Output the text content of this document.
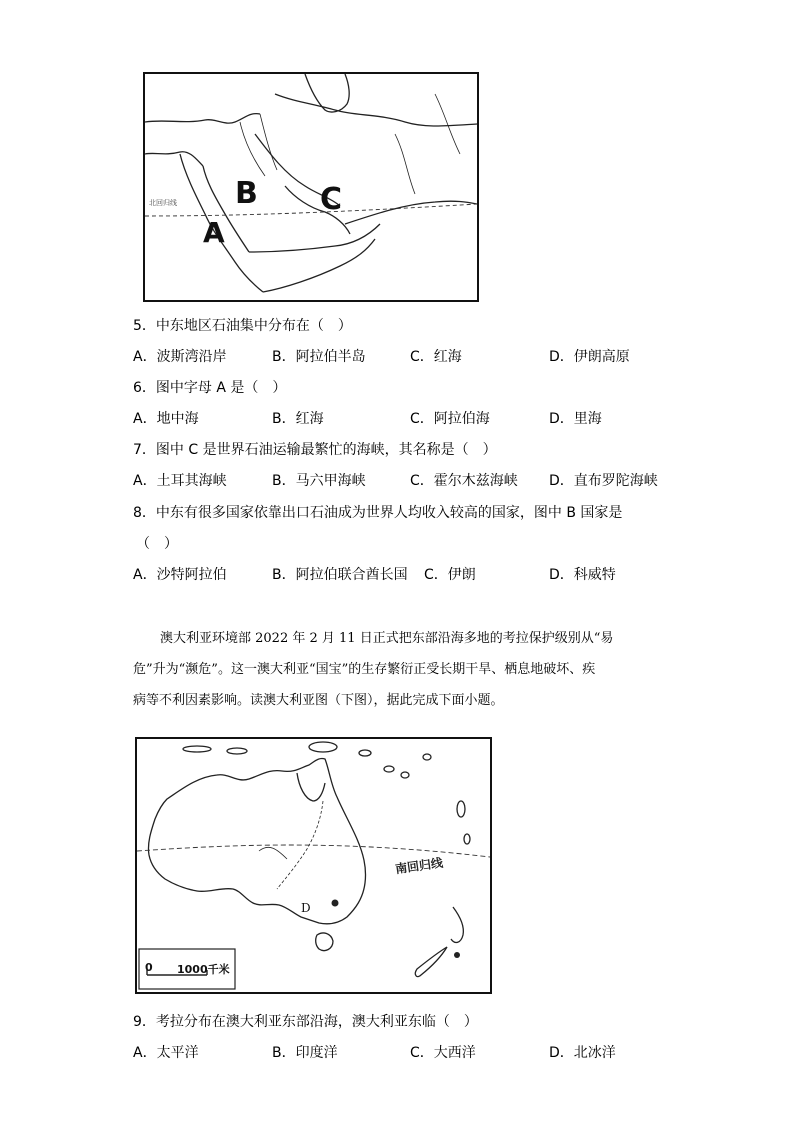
北回归线 B C
A
5．中东地区石油集中分布在（　）
A．波斯湾沿岸	B．阿拉伯半岛	C．红海	D．伊朗高原
6．图中字母 A 是（　）
A．地中海	B．红海	C．阿拉伯海	D．里海
7．图中 C 是世界石油运输最繁忙的海峡，其名称是（　）
A．土耳其海峡	B．马六甲海峡	C．霍尔木兹海峡 D．直布罗陀海峡
8．中东有很多国家依靠出口石油成为世界人均收入较高的国家，图中 B 国家是
（　）
A．沙特阿拉伯	B．阿拉伯联合酋长国 C．伊朗	D．科威特
澳大利亚环境部 2022 年 2 月 11 日正式把东部沿海多地的考拉保护级别从“易
危”升为“濒危”。这一澳大利亚“国宝”的生存繁衍正受长期干旱、栖息地破坏、疾
病等不利因素影响。读澳大利亚图（下图），据此完成下面小题。
南回归线
0 1000千米
D
9．考拉分布在澳大利亚东部沿海，澳大利亚东临（　）
A．太平洋	B．印度洋	C．大西洋	D．北冰洋
